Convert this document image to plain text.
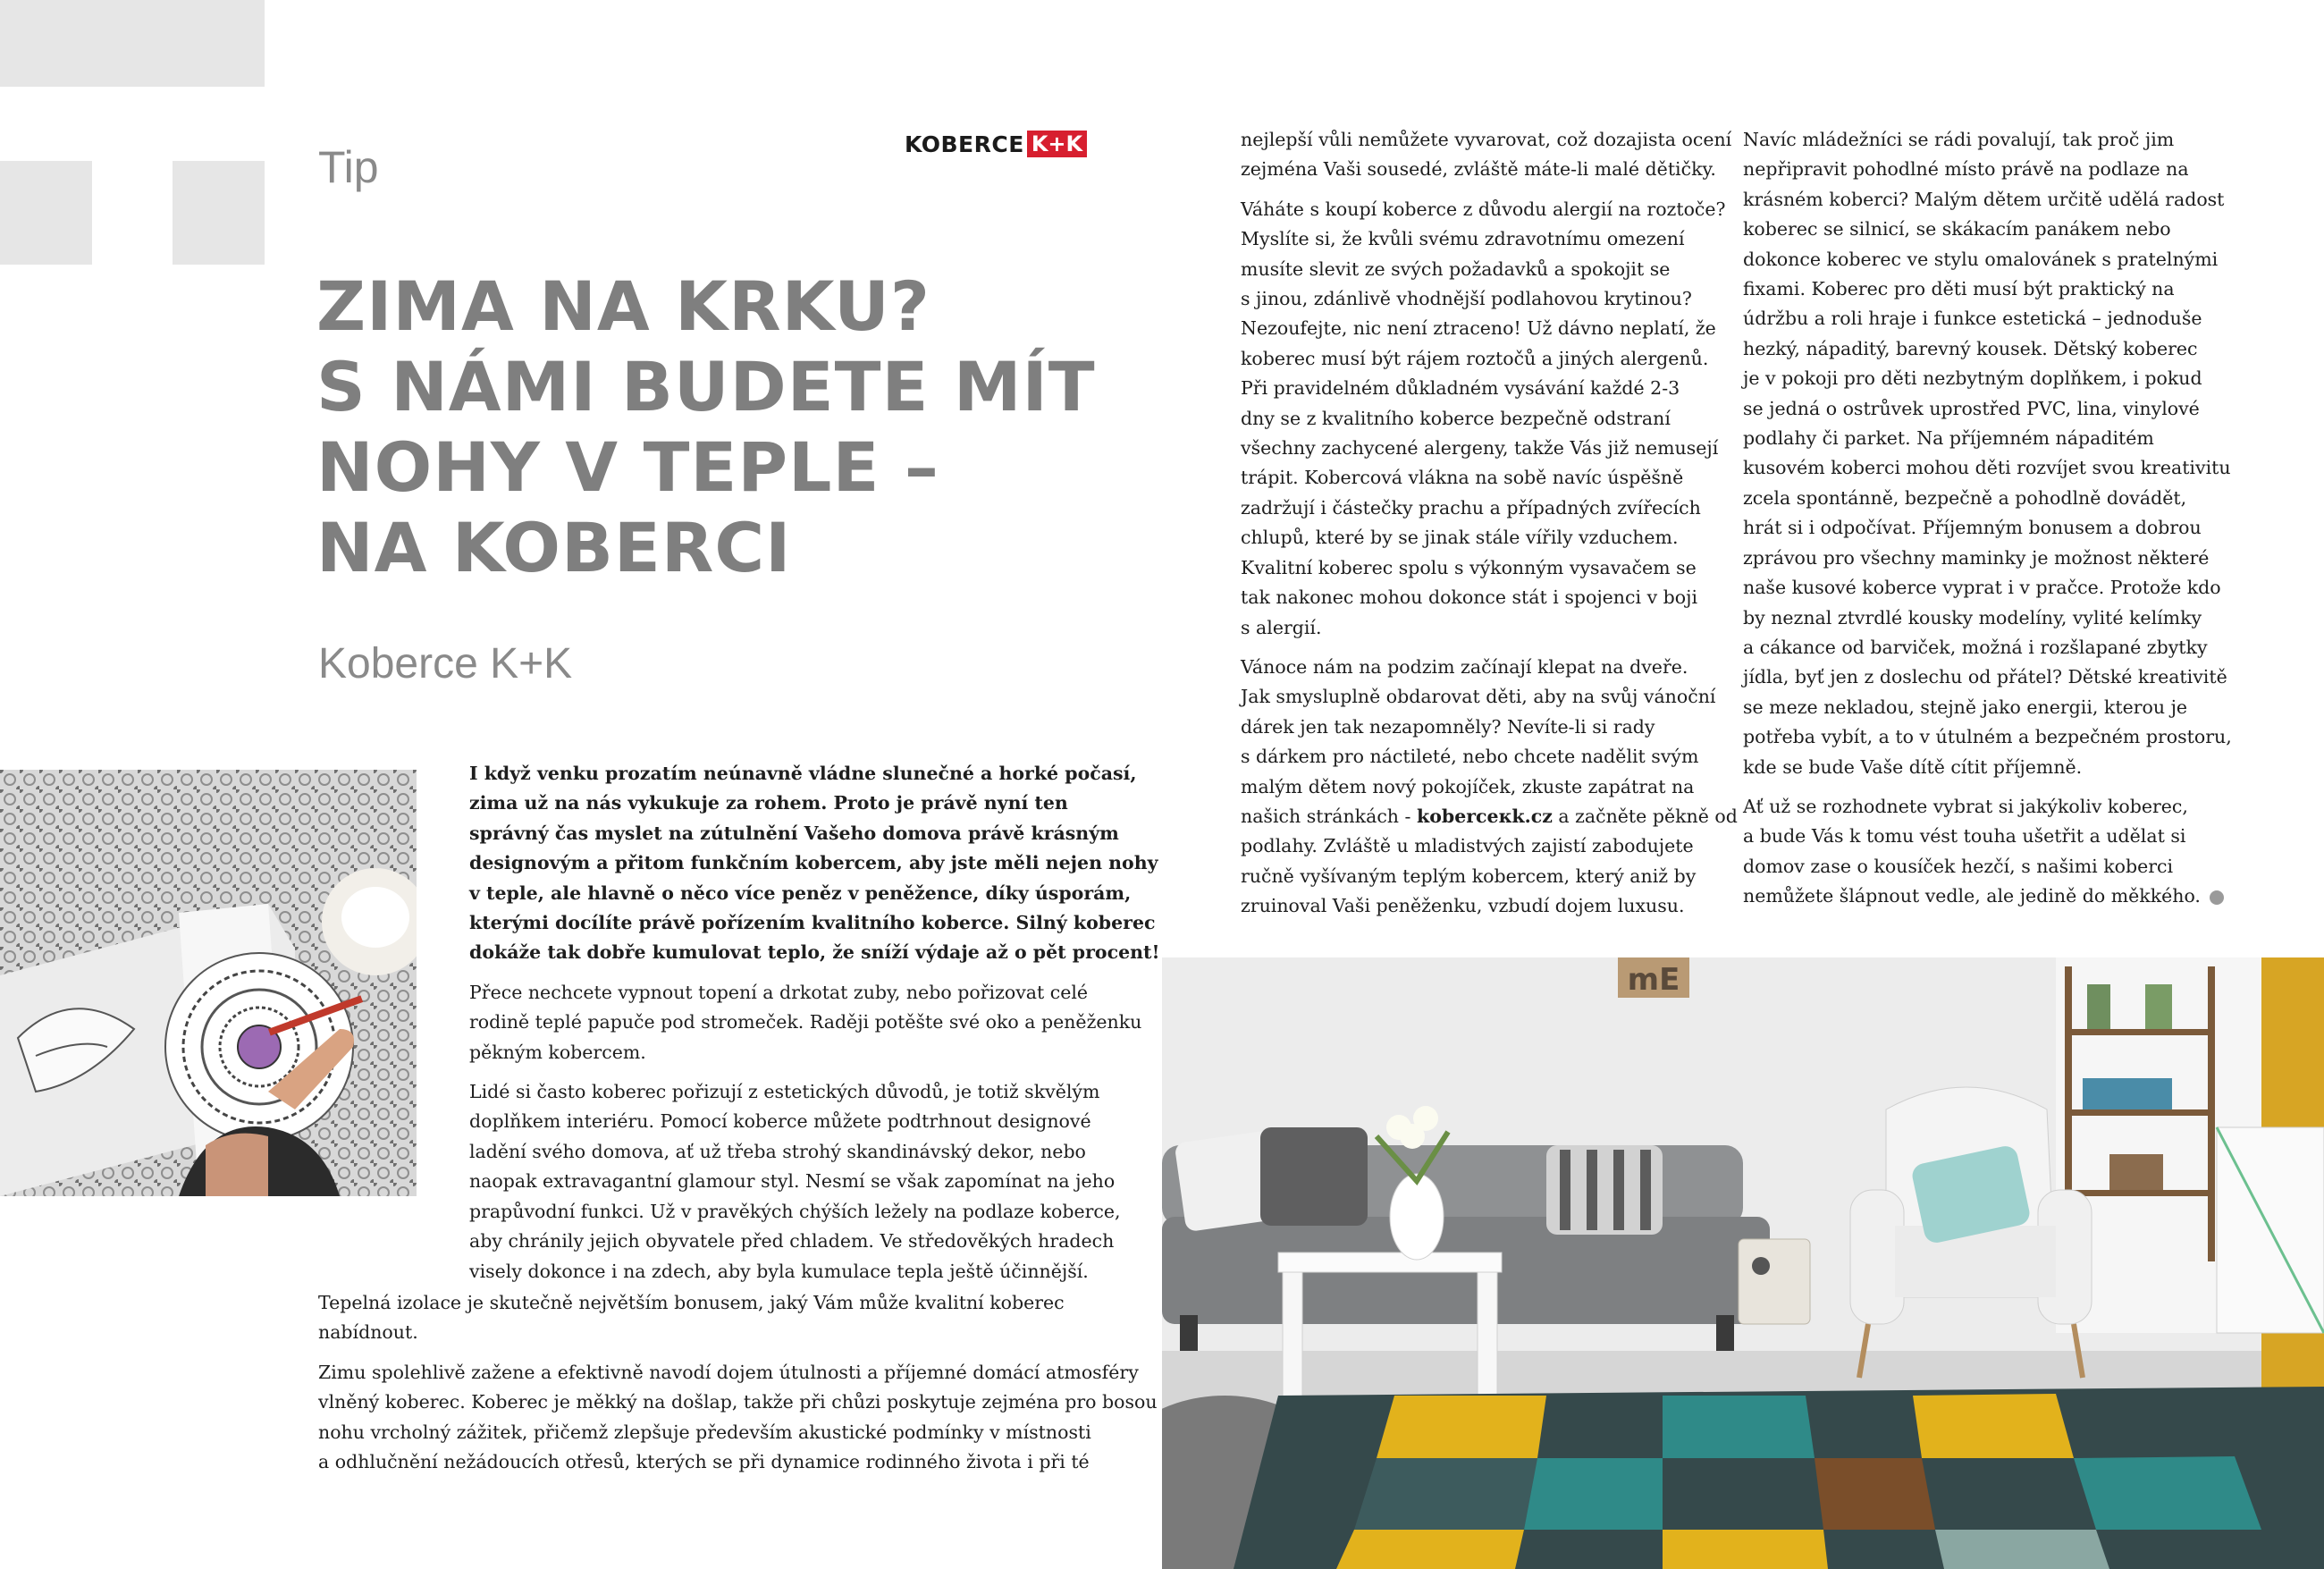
Tip	KOBERCE K+K
ZIMA NA KRKU?
S NÁMI BUDETE MÍT
NOHY V TEPLE –
NA KOBERCI
Koberce K+K

I když venku prozatím neúnavně vládne slunečné a horké počasí,
zima už na nás vykukuje za rohem. Proto je právě nyní ten
správný čas myslet na zútulnění Vašeho domova právě krásným
designovým a přitom funkčním kobercem, aby jste měli nejen nohy
v teple, ale hlavně o něco více peněz v peněžence, díky úsporám,
kterými docílíte právě pořízením kvalitního koberce. Silný koberec
dokáže tak dobře kumulovat teplo, že sníží výdaje až o pět procent!

Přece nechcete vypnout topení a drkotat zuby, nebo pořizovat celé
rodině teplé papuče pod stromeček. Raději potěšte své oko a peněženku
pěkným kobercem.

Lidé si často koberec pořizují z estetických důvodů, je totiž skvělým
doplňkem interiéru. Pomocí koberce můžete podtrhnout designové
ladění svého domova, ať už třeba strohý skandinávský dekor, nebo
naopak extravagantní glamour styl. Nesmí se však zapomínat na jeho
prapůvodní funkci. Už v pravěkých chýších ležely na podlaze koberce,
aby chránily jejich obyvatele před chladem. Ve středověkých hradech
visely dokonce i na zdech, aby byla kumulace tepla ještě účinnější.

Tepelná izolace je skutečně největším bonusem, jaký Vám může kvalitní koberec
nabídnout.

Zimu spolehlivě zažene a efektivně navodí dojem útulnosti a příjemné domácí atmosféry
vlněný koberec. Koberec je měkký na došlap, takže při chůzi poskytuje zejména pro bosou
nohu vrcholný zážitek, přičemž zlepšuje především akustické podmínky v místnosti
a odhlučnění nežádoucích otřesů, kterých se při dynamice rodinného života i při té

nejlepší vůli nemůžete vyvarovat, což dozajista ocení
zejména Vaši sousedé, zvláště máte-li malé dětičky.

Váháte s koupí koberce z důvodu alergií na roztoče?
Myslíte si, že kvůli svému zdravotnímu omezení
musíte slevit ze svých požadavků a spokojit se
s jinou, zdánlivě vhodnější podlahovou krytinou?
Nezoufejte, nic není ztraceno! Už dávno neplatí, že
koberec musí být rájem roztočů a jiných alergenů.
Při pravidelném důkladném vysávání každé 2-3
dny se z kvalitního koberce bezpečně odstraní
všechny zachycené alergeny, takže Vás již nemusejí
trápit. Kobercová vlákna na sobě navíc úspěšně
zadržují i částečky prachu a případných zvířecích
chlupů, které by se jinak stále vířily vzduchem.
Kvalitní koberec spolu s výkonným vysavačem se
tak nakonec mohou dokonce stát i spojenci v boji
s alergií.

Vánoce nám na podzim začínají klepat na dveře.
Jak smysluplně obdarovat děti, aby na svůj vánoční
dárek jen tak nezapomněly? Nevíte-li si rady
s dárkem pro náctileté, nebo chcete nadělit svým
malým dětem nový pokojíček, zkuste zapátrat na
našich stránkách - koberceкk.cz a začněte pěkně od
podlahy. Zvláště u mladistvých zajistí zabodujete
ručně vyšívaným teplým kobercem, který aniž by
zruinoval Vaši peněženku, vzbudí dojem luxusu.

Navíc mládežníci se rádi povalují, tak proč jim
nepřipravit pohodlné místo právě na podlaze na
krásném koberci? Malým dětem určitě udělá radost
koberec se silnicí, se skákacím panákem nebo
dokonce koberec ve stylu omalovánek s pratelnými
fixami. Koberec pro děti musí být praktický na
údržbu a roli hraje i funkce estetická – jednoduše
hezký, nápaditý, barevný kousek. Dětský koberec
je v pokoji pro děti nezbytným doplňkem, i pokud
se jedná o ostrůvek uprostřed PVC, lina, vinylové
podlahy či parket. Na příjemném nápaditém
kusovém koberci mohou děti rozvíjet svou kreativitu
zcela spontánně, bezpečně a pohodlně dovádět,
hrát si i odpočívat. Příjemným bonusem a dobrou
zprávou pro všechny maminky je možnost některé
naše kusové koberce vyprat i v pračce. Protože kdo
by neznal ztvrdlé kousky modelíny, vylité kelímky
a cákance od barviček, možná i rozšlapané zbytky
jídla, byť jen z doslechu od přátel? Dětské kreativitě
se meze nekladou, stejně jako energii, kterou je
potřeba vybít, a to v útulném a bezpečném prostoru,
kde se bude Vaše dítě cítit příjemně.

Ať už se rozhodnete vybrat si jakýkoliv koberec,
a bude Vás k tomu vést touha ušetřit a udělat si
domov zase o kousíček hezčí, s našimi koberci
nemůžete šlápnout vedle, ale jedině do měkkého.

mE
